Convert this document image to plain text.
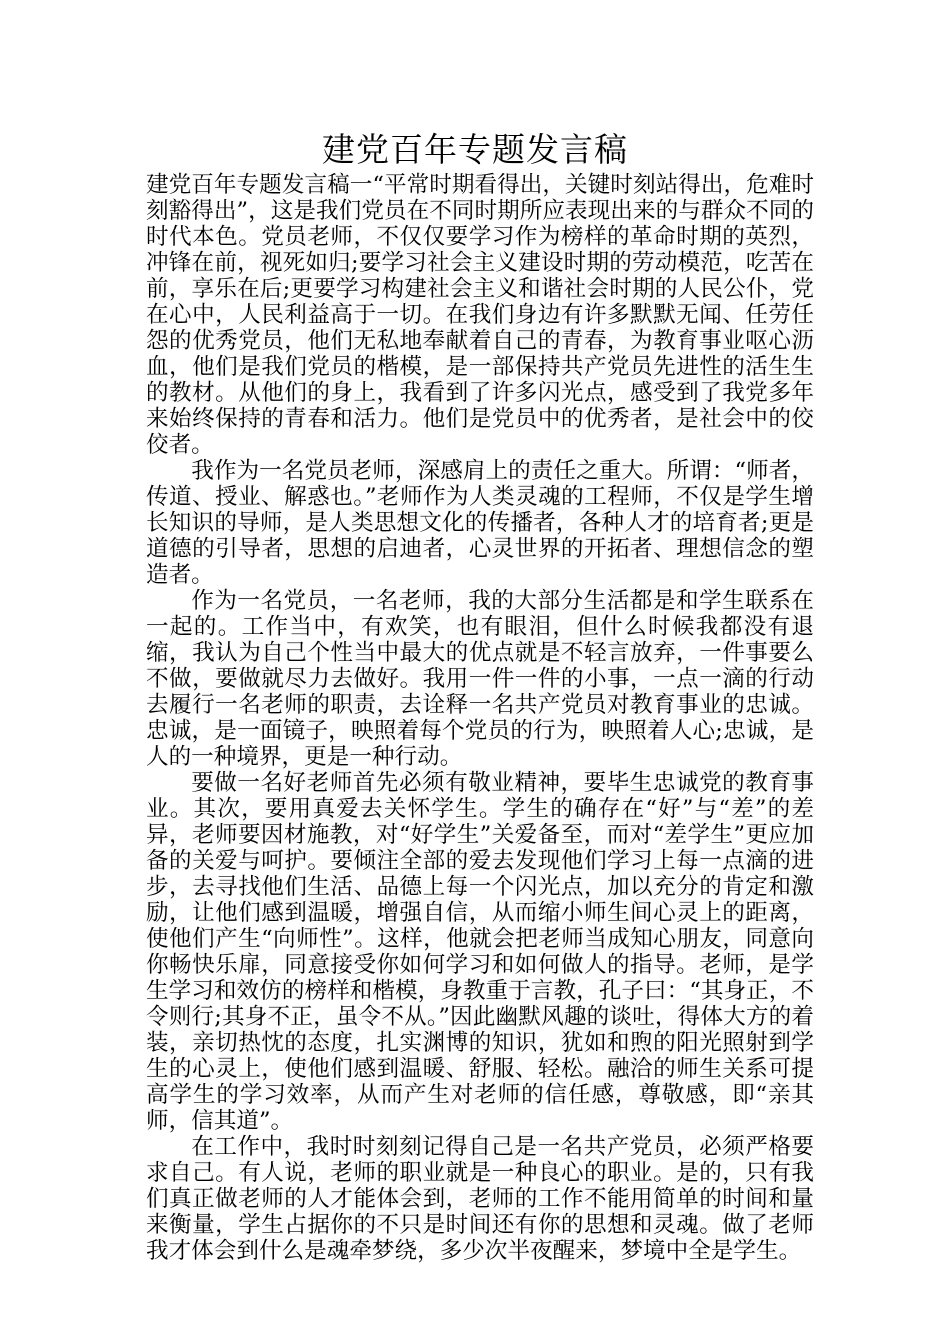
建党百年专题发言稿

建党百年专题发言稿一“平常时期看得出，关键时刻站得出，危难时刻豁得出”，这是我们党员在不同时期所应表现出来的与群众不同的时代本色。党员老师，不仅仅要学习作为榜样的革命时期的英烈，冲锋在前，视死如归;要学习社会主义建设时期的劳动模范，吃苦在前，享乐在后;更要学习构建社会主义和谐社会时期的人民公仆，党在心中，人民利益高于一切。在我们身边有许多默默无闻、任劳任怨的优秀党员，他们无私地奉献着自己的青春，为教育事业呕心沥血，他们是我们党员的楷模，是一部保持共产党员先进性的活生生的教材。从他们的身上，我看到了许多闪光点，感受到了我党多年来始终保持的青春和活力。他们是党员中的优秀者，是社会中的佼佼者。

我作为一名党员老师，深感肩上的责任之重大。所谓：“师者，传道、授业、解惑也。”老师作为人类灵魂的工程师，不仅是学生增长知识的导师，是人类思想文化的传播者，各种人才的培育者;更是道德的引导者，思想的启迪者，心灵世界的开拓者、理想信念的塑造者。

作为一名党员，一名老师，我的大部分生活都是和学生联系在一起的。工作当中，有欢笑，也有眼泪，但什么时候我都没有退缩，我认为自己个性当中最大的优点就是不轻言放弃，一件事要么不做，要做就尽力去做好。我用一件一件的小事，一点一滴的行动去履行一名老师的职责，去诠释一名共产党员对教育事业的忠诚。忠诚，是一面镜子，映照着每个党员的行为，映照着人心;忠诚，是人的一种境界，更是一种行动。

要做一名好老师首先必须有敬业精神，要毕生忠诚党的教育事业。其次，要用真爱去关怀学生。学生的确存在“好”与“差”的差异，老师要因材施教，对“好学生”关爱备至，而对“差学生”更应加备的关爱与呵护。要倾注全部的爱去发现他们学习上每一点滴的进步，去寻找他们生活、品德上每一个闪光点，加以充分的肯定和激励，让他们感到温暖，增强自信，从而缩小师生间心灵上的距离，使他们产生“向师性”。这样，他就会把老师当成知心朋友，同意向你畅快乐扉，同意接受你如何学习和如何做人的指导。老师，是学生学习和效仿的榜样和楷模，身教重于言教，孔子曰：“其身正，不令则行;其身不正，虽令不从。”因此幽默风趣的谈吐，得体大方的着装，亲切热忱的态度，扎实渊博的知识，犹如和煦的阳光照射到学生的心灵上，使他们感到温暖、舒服、轻松。融洽的师生关系可提高学生的学习效率，从而产生对老师的信任感，尊敬感，即“亲其师，信其道”。

在工作中，我时时刻刻记得自己是一名共产党员，必须严格要求自己。有人说，老师的职业就是一种良心的职业。是的，只有我们真正做老师的人才能体会到，老师的工作不能用简单的时间和量来衡量，学生占据你的不只是时间还有你的思想和灵魂。做了老师我才体会到什么是魂牵梦绕，多少次半夜醒来，梦境中全是学生。
